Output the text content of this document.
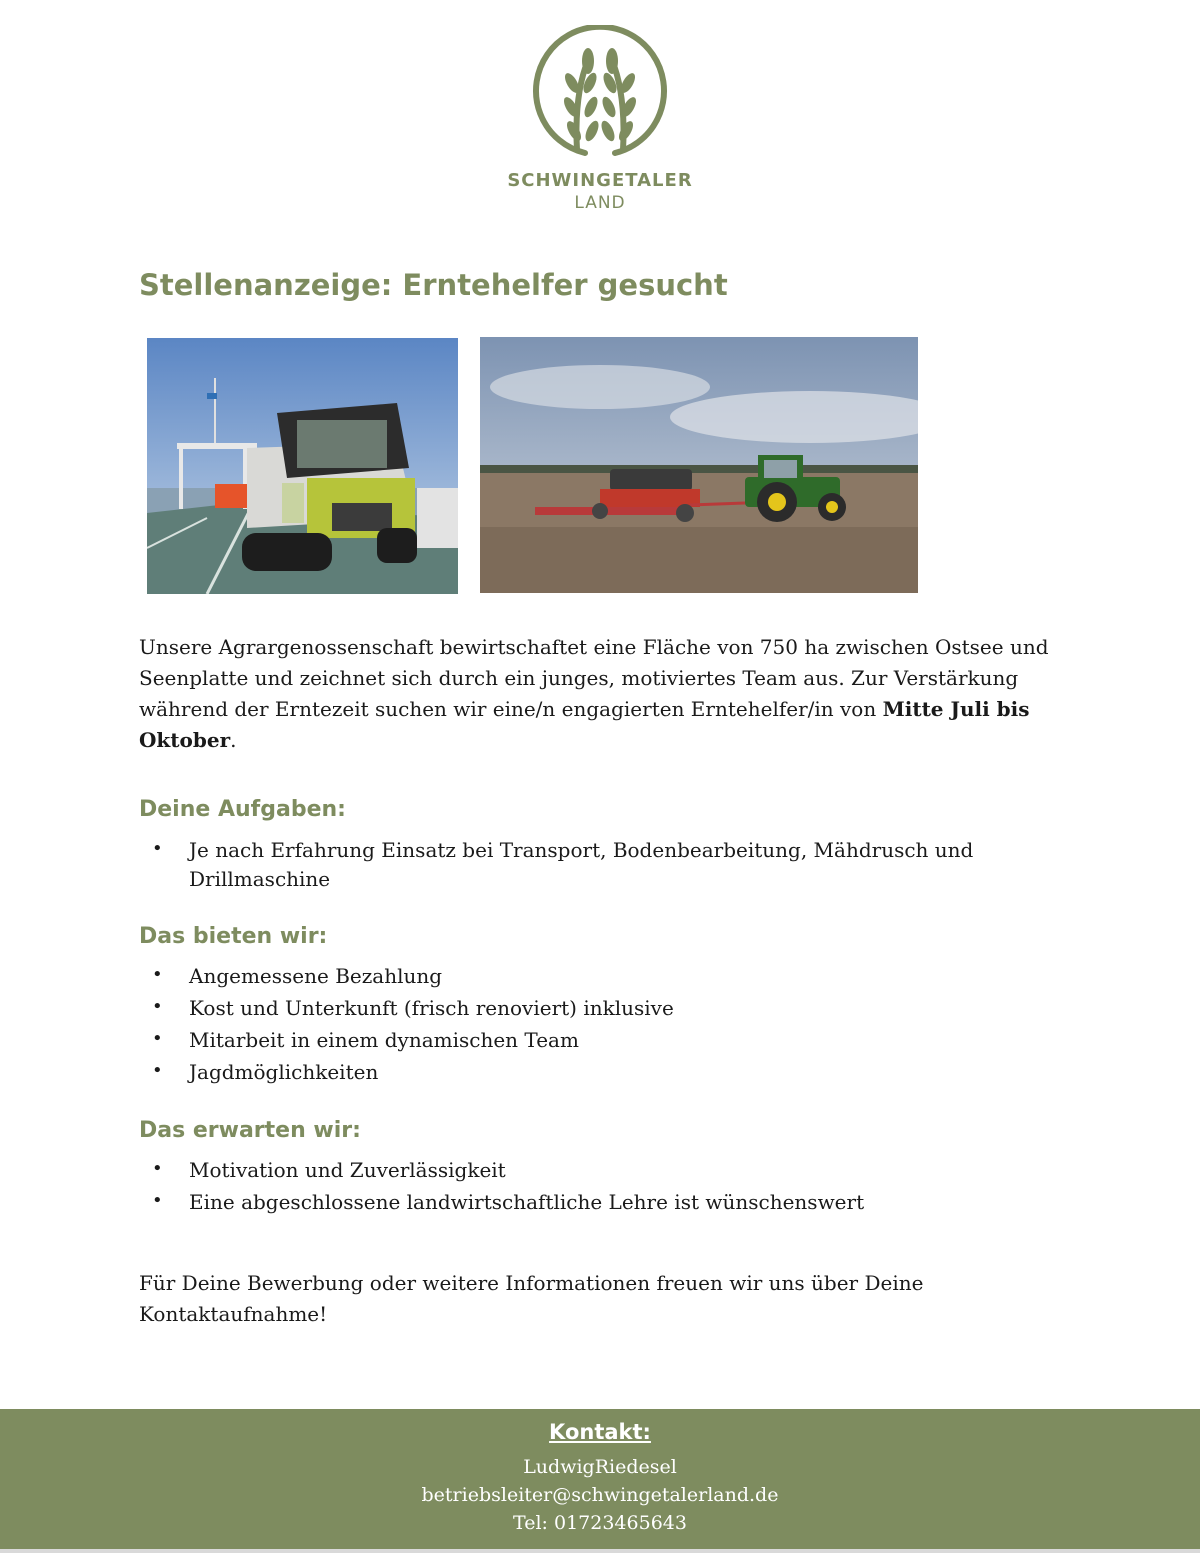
SCHWINGETALER
LAND
Stellenanzeige: Erntehelfer gesucht

Unsere Agrargenossenschaft bewirtschaftet eine Fläche von 750 ha zwischen Ostsee und Seenplatte und zeichnet sich durch ein junges, motiviertes Team aus. Zur Verstärkung während der Erntezeit suchen wir eine/n engagierten Erntehelfer/in von Mitte Juli bis Oktober.

Deine Aufgaben:
• Je nach Erfahrung Einsatz bei Transport, Bodenbearbeitung, Mähdrusch und Drillmaschine
Das bieten wir:
• Angemessene Bezahlung
• Kost und Unterkunft (frisch renoviert) inklusive
• Mitarbeit in einem dynamischen Team
• Jagdmöglichkeiten
Das erwarten wir:
• Motivation und Zuverlässigkeit
• Eine abgeschlossene landwirtschaftliche Lehre ist wünschenswert

Für Deine Bewerbung oder weitere Informationen freuen wir uns über Deine Kontaktaufnahme!

Kontakt:
LudwigRiedesel
betriebsleiter@schwingetalerland.de
Tel: 01723465643
